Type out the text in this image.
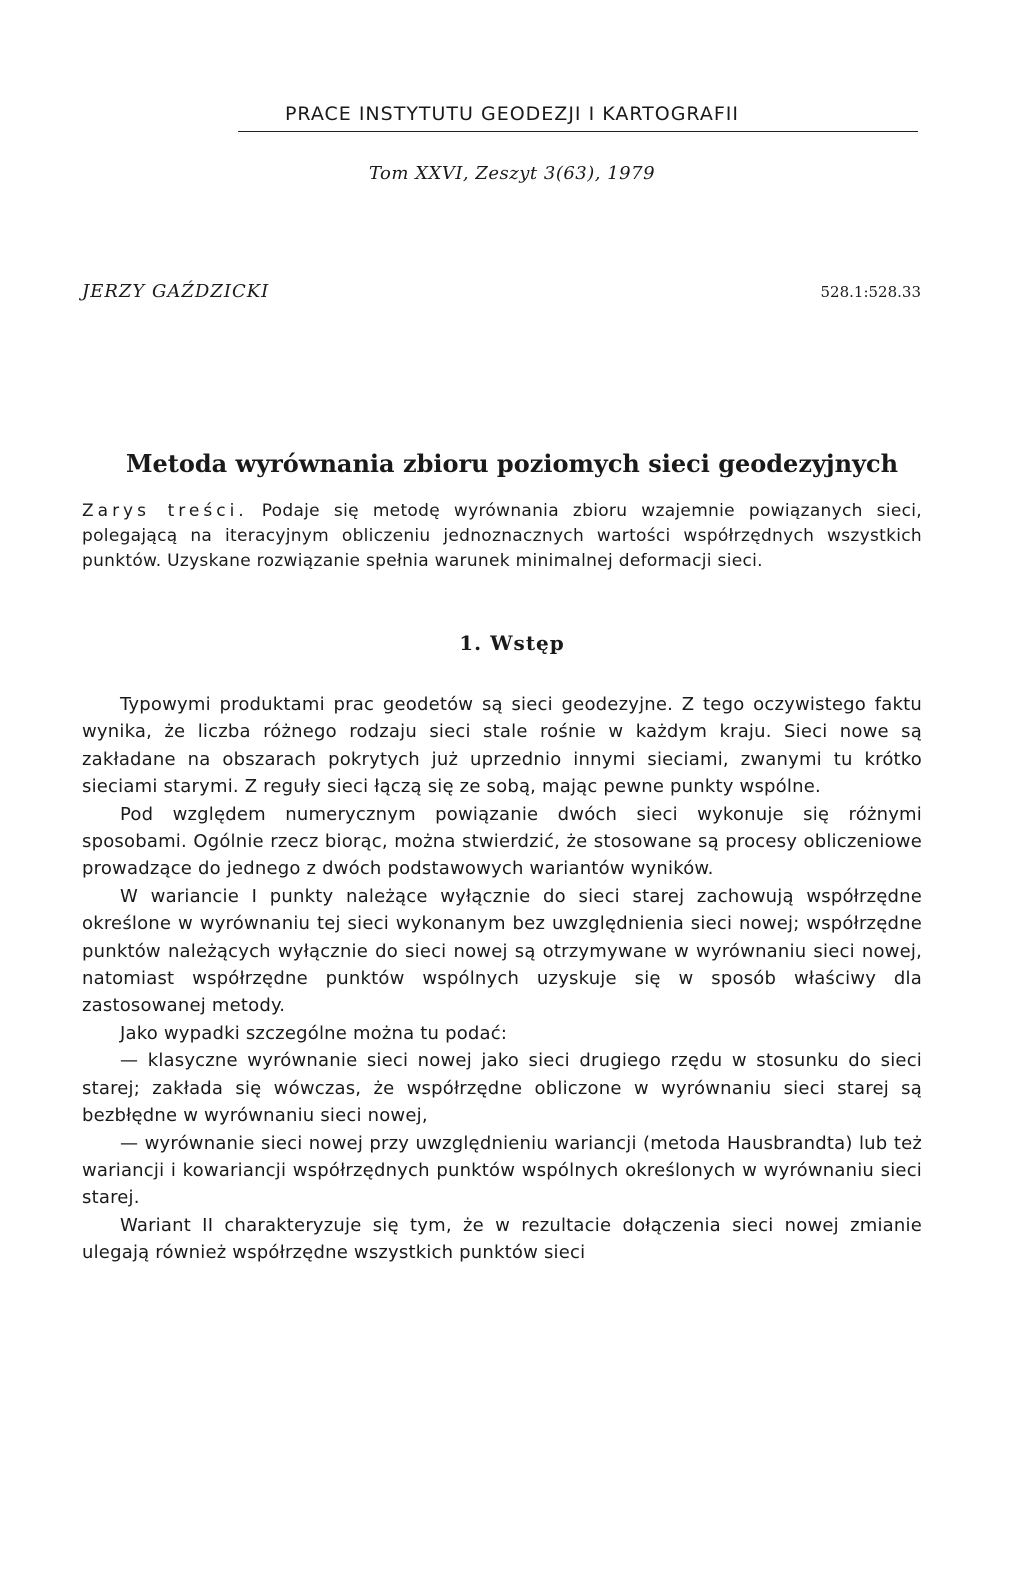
PRACE INSTYTUTU GEODEZJI I KARTOGRAFII
Tom XXVI, Zeszyt 3(63), 1979
JERZY GAŹDZICKI	528.1:528.33
Metoda wyrównania zbioru poziomych sieci geodezyjnych
Zarys treści. Podaje się metodę wyrównania zbioru wzajemnie powiązanych sieci, polegającą na iteracyjnym obliczeniu jednoznacznych wartości współrzędnych wszystkich punktów. Uzyskane rozwiązanie spełnia warunek minimalnej deformacji sieci.
1. Wstęp

Typowymi produktami prac geodetów są sieci geodezyjne. Z tego oczywistego faktu wynika, że liczba różnego rodzaju sieci stale rośnie w każdym kraju. Sieci nowe są zakładane na obszarach pokrytych już uprzednio innymi sieciami, zwanymi tu krótko sieciami starymi. Z reguły sieci łączą się ze sobą, mając pewne punkty wspólne.

Pod względem numerycznym powiązanie dwóch sieci wykonuje się różnymi sposobami. Ogólnie rzecz biorąc, można stwierdzić, że stosowane są procesy obliczeniowe prowadzące do jednego z dwóch podstawowych wariantów wyników.

W wariancie I punkty należące wyłącznie do sieci starej zachowują współrzędne określone w wyrównaniu tej sieci wykonanym bez uwzględnienia sieci nowej; współrzędne punktów należących wyłącznie do sieci nowej są otrzymywane w wyrównaniu sieci nowej, natomiast współrzędne punktów wspólnych uzyskuje się w sposób właściwy dla zastosowanej metody.

Jako wypadki szczególne można tu podać:

— klasyczne wyrównanie sieci nowej jako sieci drugiego rzędu w stosunku do sieci starej; zakłada się wówczas, że współrzędne obliczone w wyrównaniu sieci starej są bezbłędne w wyrównaniu sieci nowej,

— wyrównanie sieci nowej przy uwzględnieniu wariancji (metoda Hausbrandta) lub też wariancji i kowariancji współrzędnych punktów wspólnych określonych w wyrównaniu sieci starej.

Wariant II charakteryzuje się tym, że w rezultacie dołączenia sieci nowej zmianie ulegają również współrzędne wszystkich punktów sieci
